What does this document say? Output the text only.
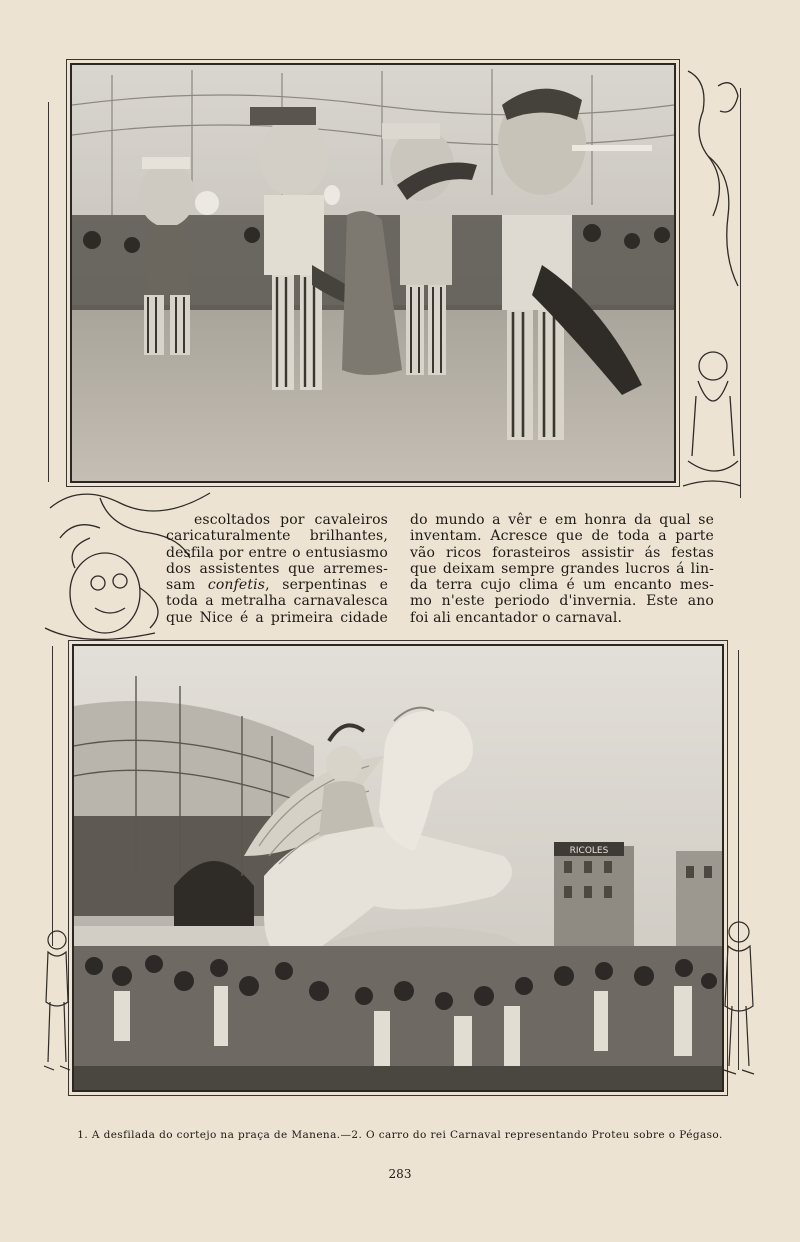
escoltados por cavaleiros
caricaturalmente brilhantes,
desfila por entre o entusiasmo
dos assistentes que arremes-
sam confetis, serpentinas e
toda a metralha carnavalesca
que Nice é a primeira cidade
do mundo a vêr e em honra da qual se
inventam. Acresce que de toda a parte
vão ricos forasteiros assistir ás festas
que deixam sempre grandes lucros á lin-
da terra cujo clima é um encanto mes-
mo n'este periodo d'invernia. Este ano
foi ali encantador o carnaval.
RICOLES
1. A desfilada do cortejo na praça de Manena.—2. O carro do rei Carnaval representando Proteu sobre o Pégaso.
283
